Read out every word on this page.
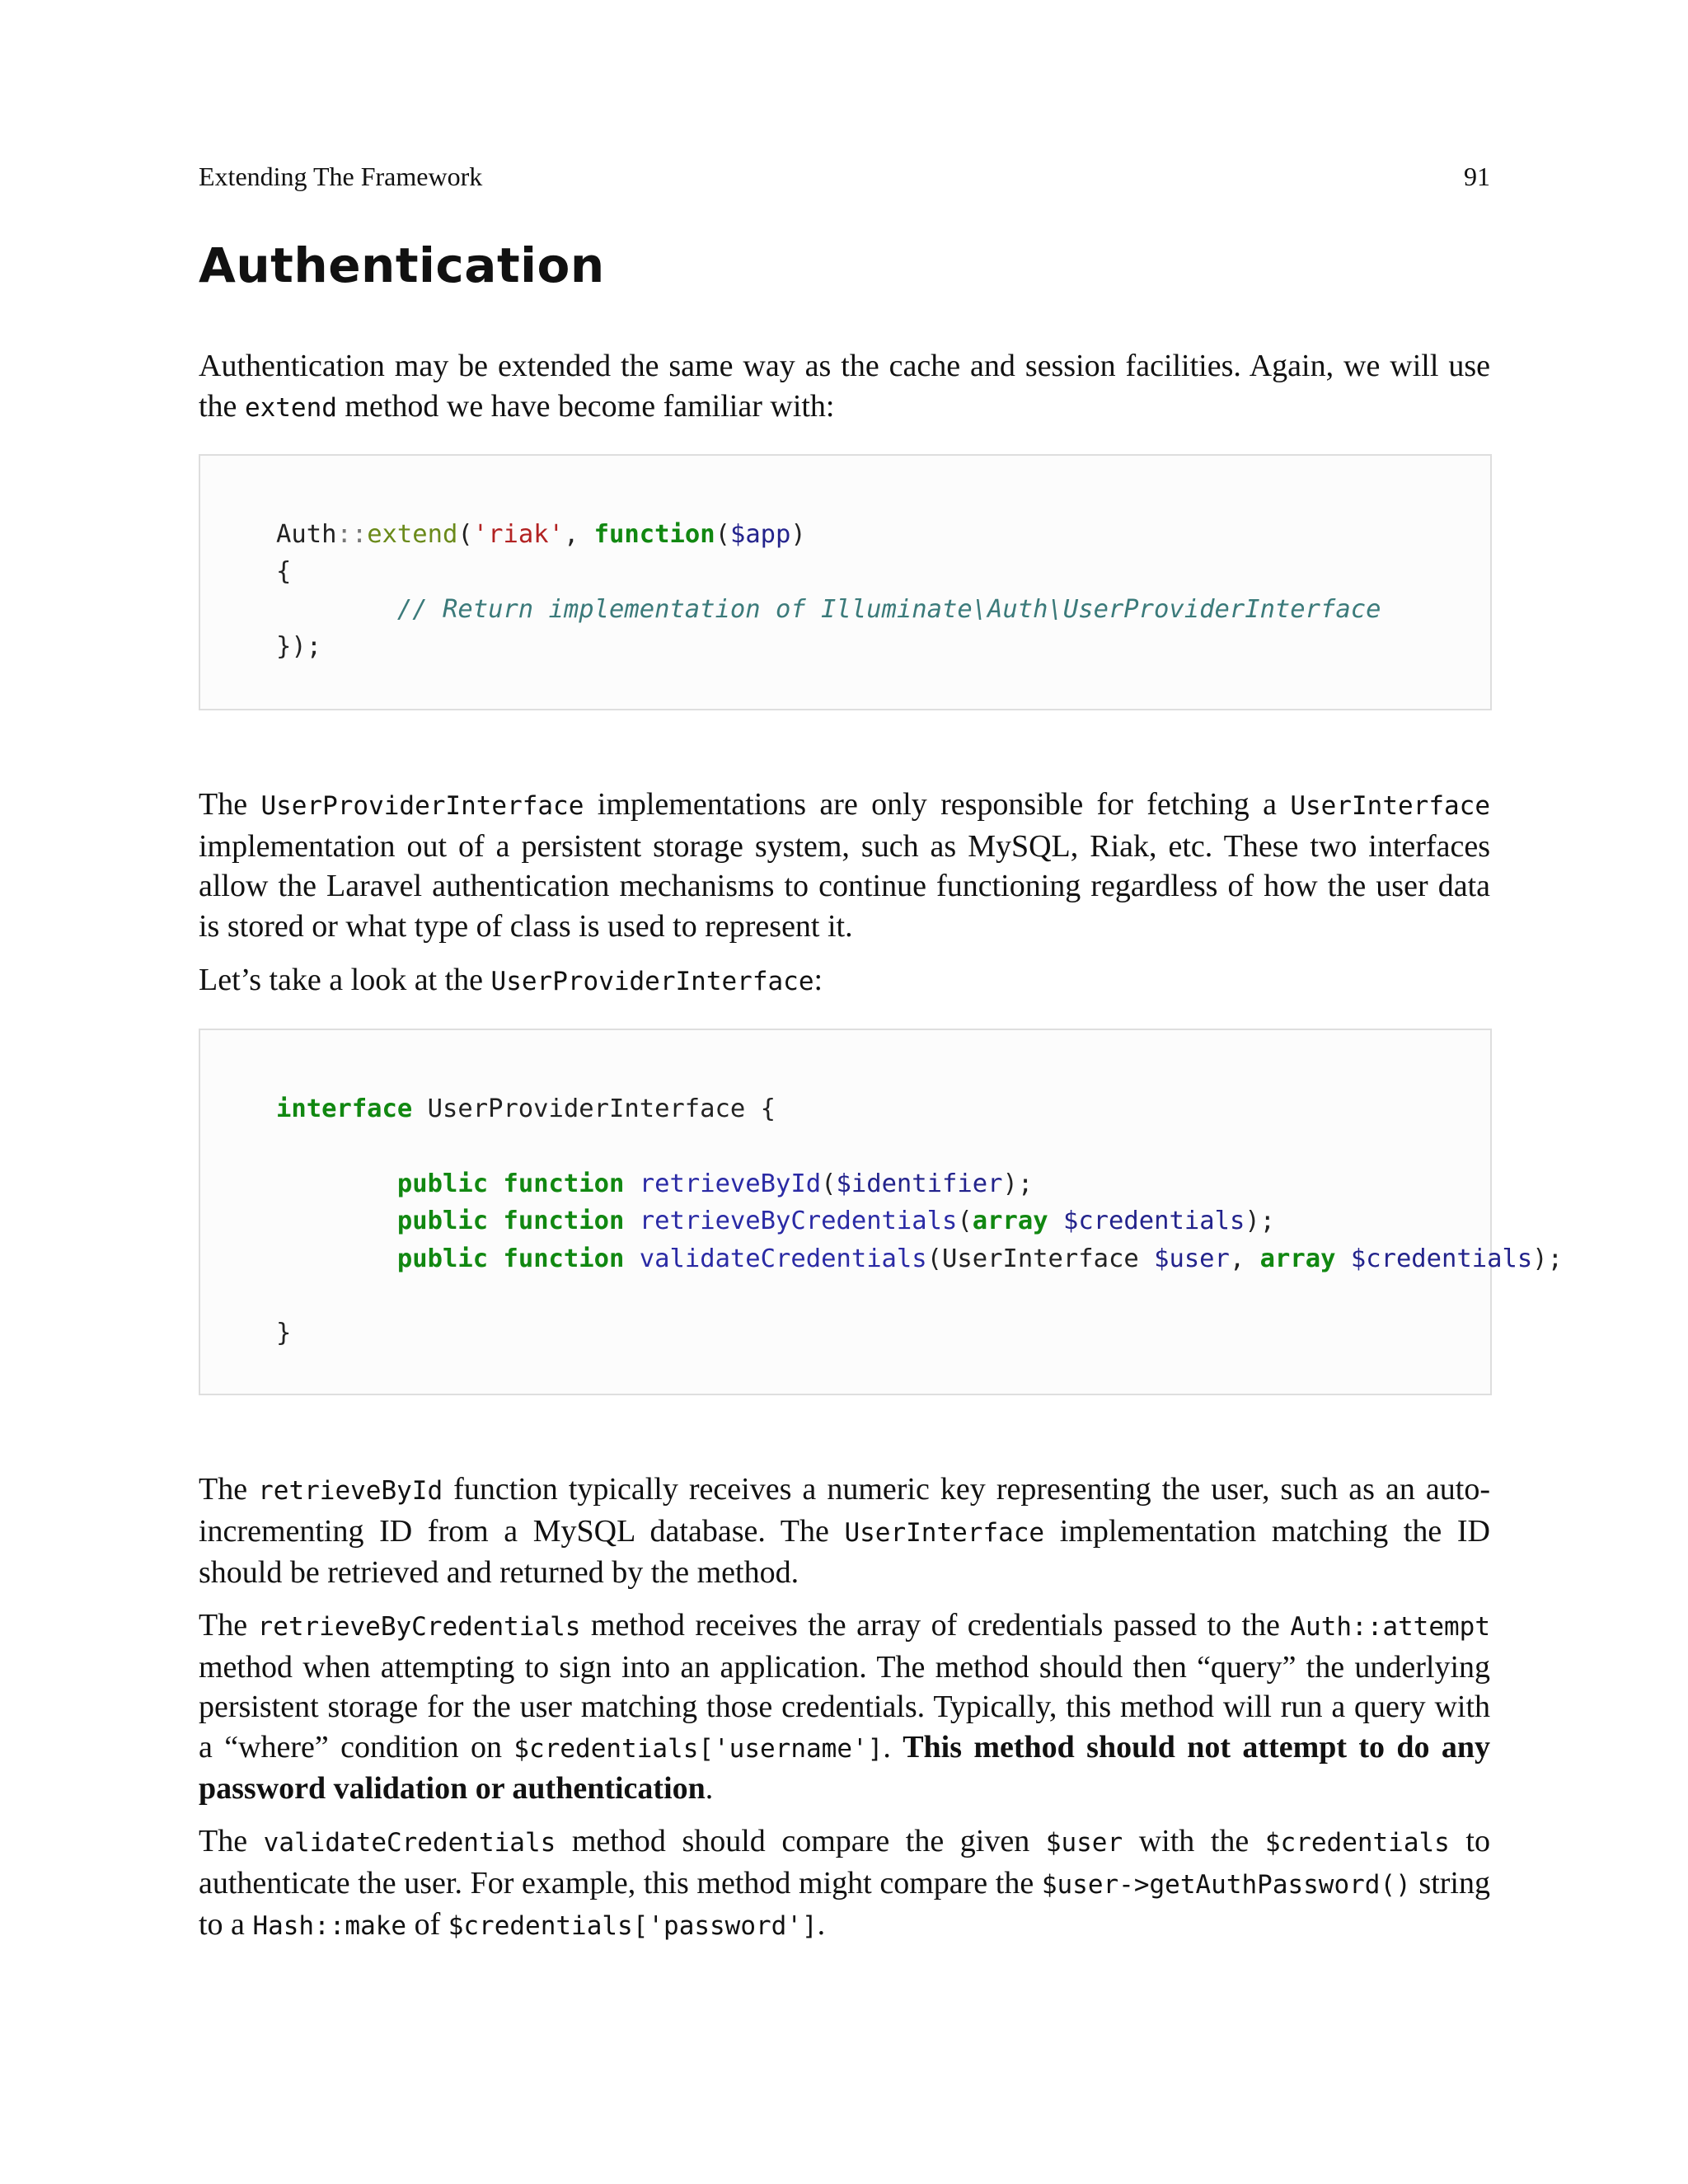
Extending The Framework	91
Authentication

Authentication may be extended the same way as the cache and session facilities. Again, we will use the extend method we have become familiar with:

Auth::extend('riak', function($app)
{
// Return implementation of Illuminate\Auth\UserProviderInterface
});

The UserProviderInterface implementations are only responsible for fetching a UserInterface implementation out of a persistent storage system, such as MySQL, Riak, etc. These two interfaces allow the Laravel authentication mechanisms to continue functioning regardless of how the user data is stored or what type of class is used to represent it.

Let’s take a look at the UserProviderInterface:

interface UserProviderInterface {

public function retrieveById($identifier);
public function retrieveByCredentials(array $credentials);
public function validateCredentials(UserInterface $user, array $credentials);

}

The retrieveById function typically receives a numeric key representing the user, such as an auto-incrementing ID from a MySQL database. The UserInterface implementation matching the ID should be retrieved and returned by the method.

The retrieveByCredentials method receives the array of credentials passed to the Auth::attempt method when attempting to sign into an application. The method should then “query” the underlying persistent storage for the user matching those credentials. Typically, this method will run a query with a “where” condition on $credentials['username']. This method should not attempt to do any password validation or authentication.

The validateCredentials method should compare the given $user with the $credentials to authenticate the user. For example, this method might compare the $user->getAuthPassword() string to a Hash::make of $credentials['password'].
